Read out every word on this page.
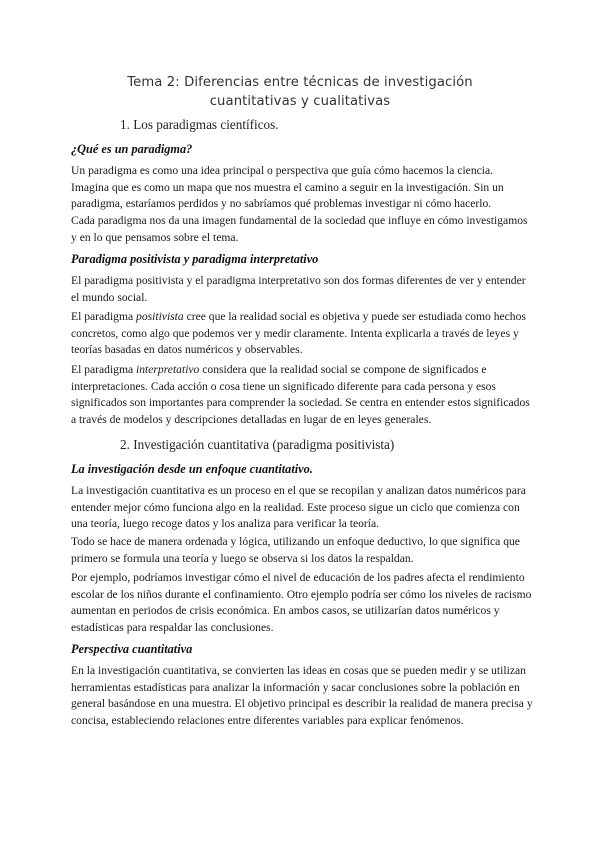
Tema 2: Diferencias entre técnicas de investigación
cuantitativas y cualitativas
1. Los paradigmas científicos.
¿Qué es un paradigma?

Un paradigma es como una idea principal o perspectiva que guía cómo hacemos la ciencia. Imagina que es como un mapa que nos muestra el camino a seguir en la investigación. Sin un paradigma, estaríamos perdidos y no sabríamos qué problemas investigar ni cómo hacerlo.

Cada paradigma nos da una imagen fundamental de la sociedad que influye en cómo investigamos y en lo que pensamos sobre el tema.

Paradigma positivista y paradigma interpretativo

El paradigma positivista y el paradigma interpretativo son dos formas diferentes de ver y entender el mundo social.

El paradigma positivista cree que la realidad social es objetiva y puede ser estudiada como hechos concretos, como algo que podemos ver y medir claramente. Intenta explicarla a través de leyes y teorías basadas en datos numéricos y observables.

El paradigma interpretativo considera que la realidad social se compone de significados e interpretaciones. Cada acción o cosa tiene un significado diferente para cada persona y esos significados son importantes para comprender la sociedad. Se centra en entender estos significados a través de modelos y descripciones detalladas en lugar de en leyes generales.

2. Investigación cuantitativa (paradigma positivista)
La investigación desde un enfoque cuantitativo.

La investigación cuantitativa es un proceso en el que se recopilan y analizan datos numéricos para entender mejor cómo funciona algo en la realidad. Este proceso sigue un ciclo que comienza con una teoría, luego recoge datos y los analiza para verificar la teoría.

Todo se hace de manera ordenada y lógica, utilizando un enfoque deductivo, lo que significa que primero se formula una teoría y luego se observa si los datos la respaldan.

Por ejemplo, podríamos investigar cómo el nivel de educación de los padres afecta el rendimiento escolar de los niños durante el confinamiento. Otro ejemplo podría ser cómo los niveles de racismo aumentan en periodos de crisis económica. En ambos casos, se utilizarían datos numéricos y estadísticas para respaldar las conclusiones.

Perspectiva cuantitativa

En la investigación cuantitativa, se convierten las ideas en cosas que se pueden medir y se utilizan herramientas estadísticas para analizar la información y sacar conclusiones sobre la población en general basándose en una muestra. El objetivo principal es describir la realidad de manera precisa y concisa, estableciendo relaciones entre diferentes variables para explicar fenómenos.
